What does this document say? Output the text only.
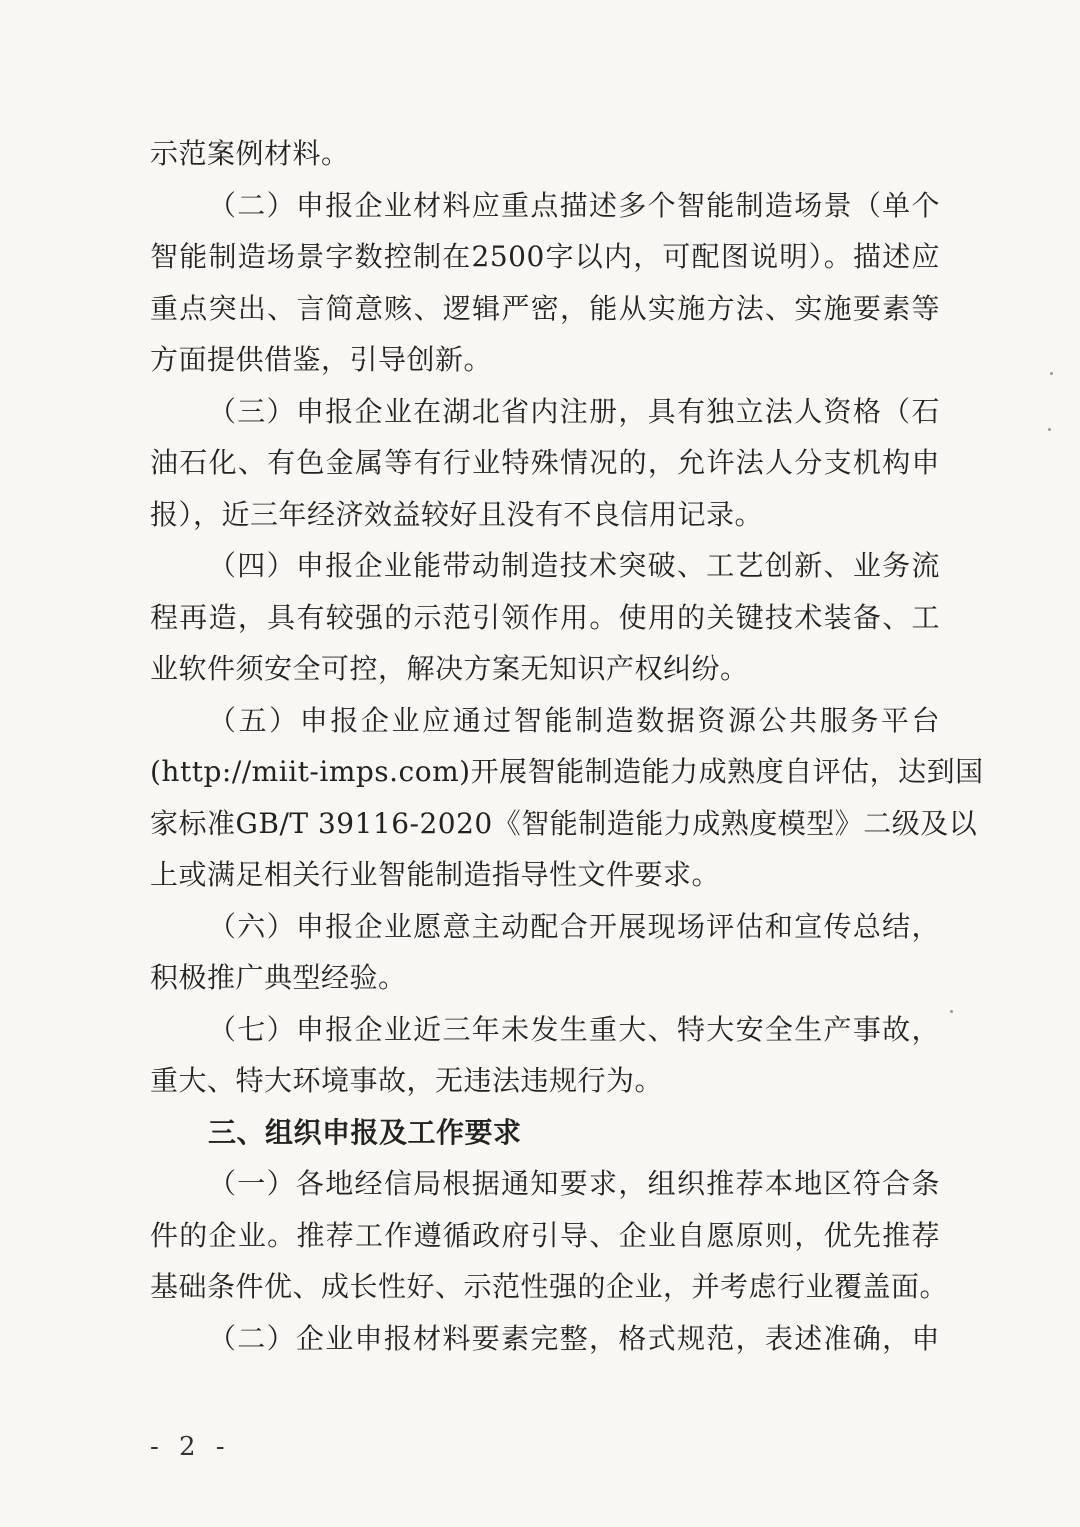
示范案例材料。
（二）申报企业材料应重点描述多个智能制造场景（单个
智能制造场景字数控制在2500字以内，可配图说明）。描述应
重点突出、言简意赅、逻辑严密，能从实施方法、实施要素等
方面提供借鉴，引导创新。
（三）申报企业在湖北省内注册，具有独立法人资格（石
油石化、有色金属等有行业特殊情况的，允许法人分支机构申
报），近三年经济效益较好且没有不良信用记录。
（四）申报企业能带动制造技术突破、工艺创新、业务流
程再造，具有较强的示范引领作用。使用的关键技术装备、工
业软件须安全可控，解决方案无知识产权纠纷。
（五）申报企业应通过智能制造数据资源公共服务平台
(http://miit-imps.com)开展智能制造能力成熟度自评估，达到国
家标准GB/T 39116-2020《智能制造能力成熟度模型》二级及以
上或满足相关行业智能制造指导性文件要求。
（六）申报企业愿意主动配合开展现场评估和宣传总结，
积极推广典型经验。
（七）申报企业近三年未发生重大、特大安全生产事故，
重大、特大环境事故，无违法违规行为。
三、组织申报及工作要求
（一）各地经信局根据通知要求，组织推荐本地区符合条
件的企业。推荐工作遵循政府引导、企业自愿原则，优先推荐
基础条件优、成长性好、示范性强的企业，并考虑行业覆盖面。
（二）企业申报材料要素完整，格式规范，表述准确，申
- 2 -
